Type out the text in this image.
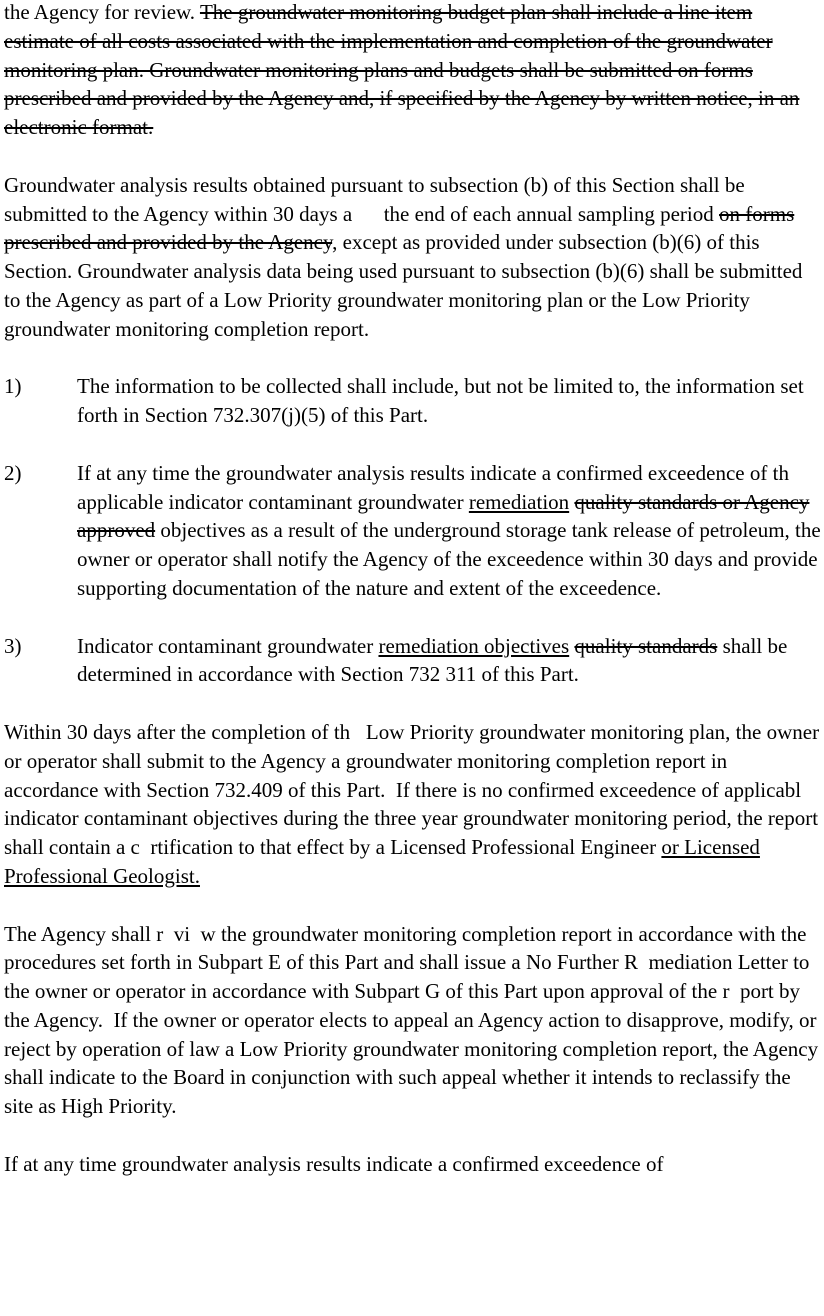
the Agency for review. The groundwater monitoring budget plan shall include a line item estimate of all costs associated with the implementation and completion of the groundwater monitoring plan. Groundwater monitoring plans and budgets shall be submitted on forms prescribed and provided by the Agency and, if specified by the Agency by written notice, in an electronic format.

Groundwater analysis results obtained pursuant to subsection (b) of this Section shall be submitted to the Agency within 30 days a      the end of each annual sampling period on forms prescribed and provided by the Agency, except as provided under subsection (b)(6) of this Section. Groundwater analysis data being used pursuant to subsection (b)(6) shall be submitted to the Agency as part of a Low Priority groundwater monitoring plan or the Low Priority groundwater monitoring completion report.

1)	The information to be collected shall include, but not be limited to, the information set forth in Section 732.307(j)(5) of this Part.

2)	If at any time the groundwater analysis results indicate a confirmed exceedence of th   applicable indicator contaminant groundwater remediation quality standards or Agency approved objectives as a result of the underground storage tank release of petroleum, the owner or operator shall notify the Agency of the exceedence within 30 days and provide supporting documentation of the nature and extent of the exceedence.

3)	Indicator contaminant groundwater remediation objectives quality standards shall be determined in accordance with Section 732 311 of this Part.

Within 30 days after the completion of th   Low Priority groundwater monitoring plan, the owner or operator shall submit to the Agency a groundwater monitoring completion report in accordance with Section 732.409 of this Part.  If there is no confirmed exceedence of applicabl   indicator contaminant objectives during the three year groundwater monitoring period, the report shall contain a c  rtification to that effect by a Licensed Professional Engineer or Licensed Professional Geologist.

The Agency shall r  vi  w the groundwater monitoring completion report in accordance with the procedures set forth in Subpart E of this Part and shall issue a No Further R  mediation Letter to the owner or operator in accordance with Subpart G of this Part upon approval of the r  port by the Agency.  If the owner or operator elects to appeal an Agency action to disapprove, modify, or reject by operation of law a Low Priority groundwater monitoring completion report, the Agency shall indicate to the Board in conjunction with such appeal whether it intends to reclassify the site as High Priority.

If at any time groundwater analysis results indicate a confirmed exceedence of
